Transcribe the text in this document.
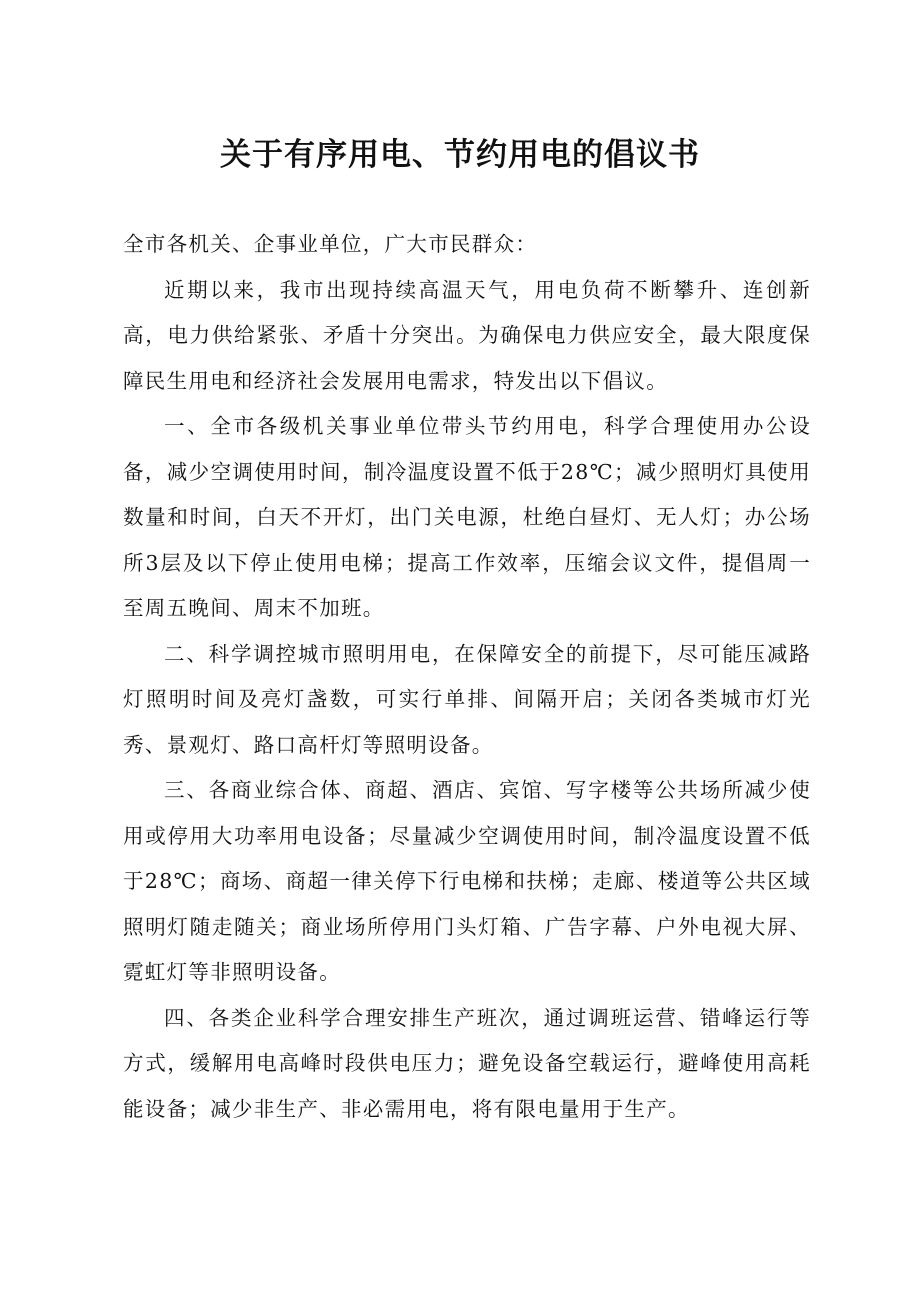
关于有序用电、节约用电的倡议书

全市各机关、企事业单位，广大市民群众：

近期以来，我市出现持续高温天气，用电负荷不断攀升、连创新高，电力供给紧张、矛盾十分突出。为确保电力供应安全，最大限度保障民生用电和经济社会发展用电需求，特发出以下倡议。

一、全市各级机关事业单位带头节约用电，科学合理使用办公设备，减少空调使用时间，制冷温度设置不低于28℃；减少照明灯具使用数量和时间，白天不开灯，出门关电源，杜绝白昼灯、无人灯；办公场所3层及以下停止使用电梯；提高工作效率，压缩会议文件，提倡周一至周五晚间、周末不加班。

二、科学调控城市照明用电，在保障安全的前提下，尽可能压减路灯照明时间及亮灯盏数，可实行单排、间隔开启；关闭各类城市灯光秀、景观灯、路口高杆灯等照明设备。

三、各商业综合体、商超、酒店、宾馆、写字楼等公共场所减少使用或停用大功率用电设备；尽量减少空调使用时间，制冷温度设置不低于28℃；商场、商超一律关停下行电梯和扶梯；走廊、楼道等公共区域照明灯随走随关；商业场所停用门头灯箱、广告字幕、户外电视大屏、霓虹灯等非照明设备。

四、各类企业科学合理安排生产班次，通过调班运营、错峰运行等方式，缓解用电高峰时段供电压力；避免设备空载运行，避峰使用高耗能设备；减少非生产、非必需用电，将有限电量用于生产。
